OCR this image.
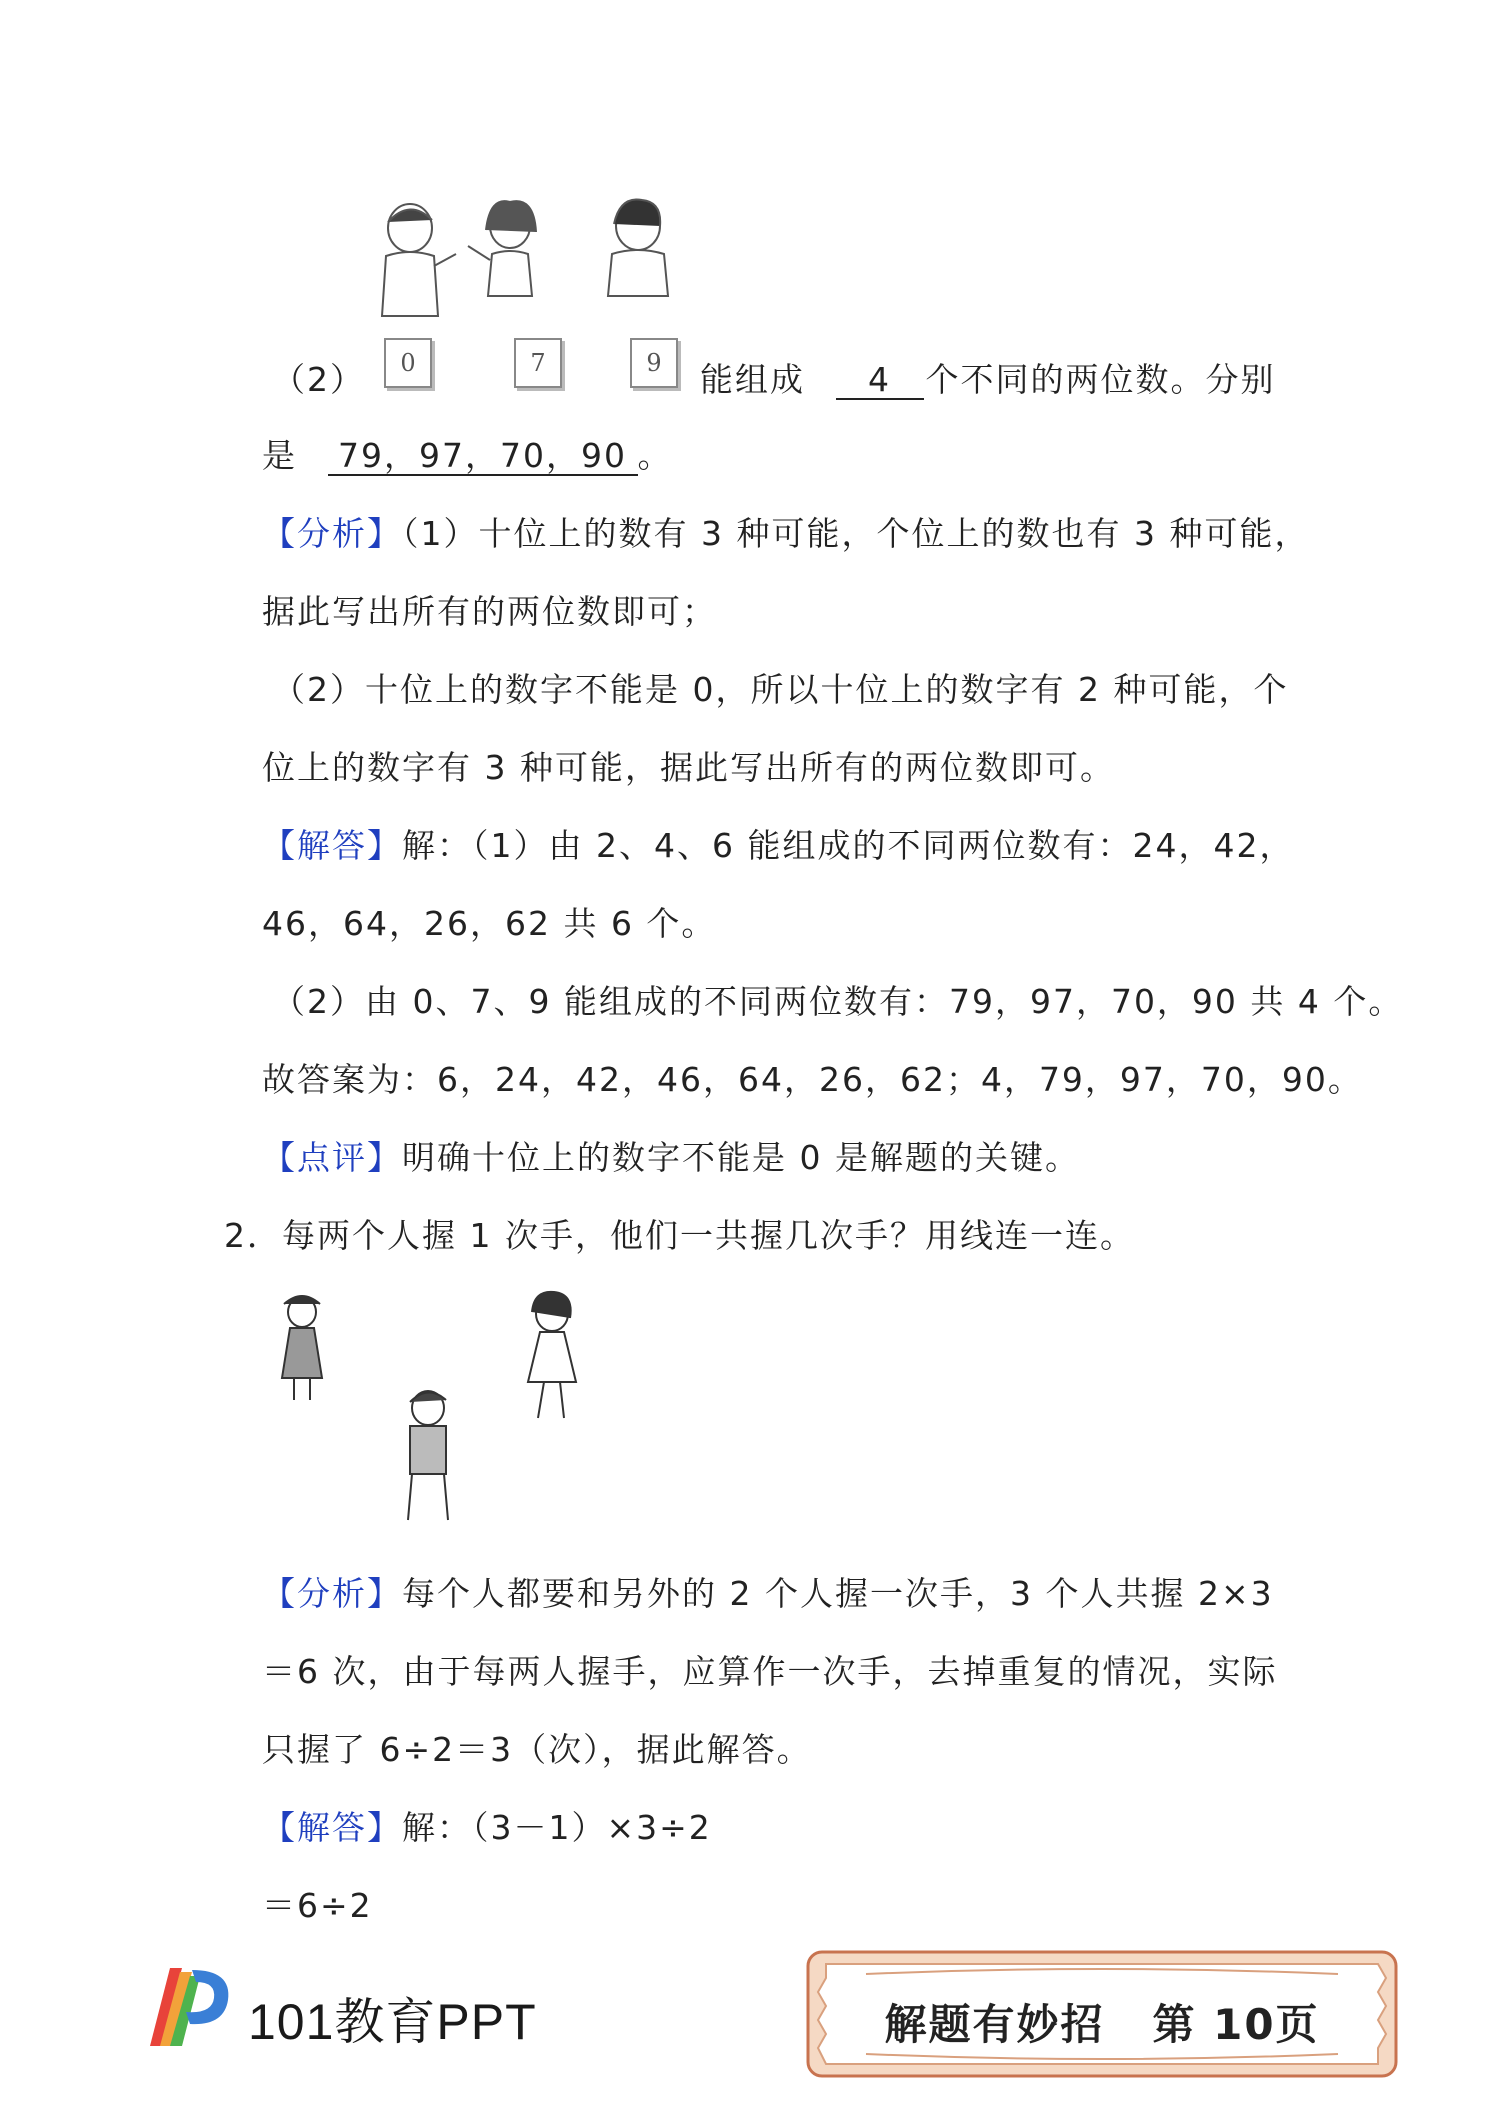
0	7	9
（2）	能组成 4 个不同的两位数。分别
是 79，97，70，90 。
【分析】（1）十位上的数有 3 种可能，个位上的数也有 3 种可能，
据此写出所有的两位数即可；
（2）十位上的数字不能是 0，所以十位上的数字有 2 种可能，个
位上的数字有 3 种可能，据此写出所有的两位数即可。
【解答】解：（1）由 2、4、6 能组成的不同两位数有：24，42，
46，64，26，62 共 6 个。
（2）由 0、7、9 能组成的不同两位数有：79，97，70，90 共 4 个。
故答案为：6，24，42，46，64，26，62；4，79，97，70，90。
【点评】明确十位上的数字不能是 0 是解题的关键。
2．每两个人握 1 次手，他们一共握几次手？用线连一连。
【分析】每个人都要和另外的 2 个人握一次手，3 个人共握 2×3
＝6 次，由于每两人握手，应算作一次手，去掉重复的情况，实际
只握了 6÷2＝3（次），据此解答。
【解答】解：（3－1）×3÷2
＝6÷2
101教育PPT	解题有妙招 第 10页
